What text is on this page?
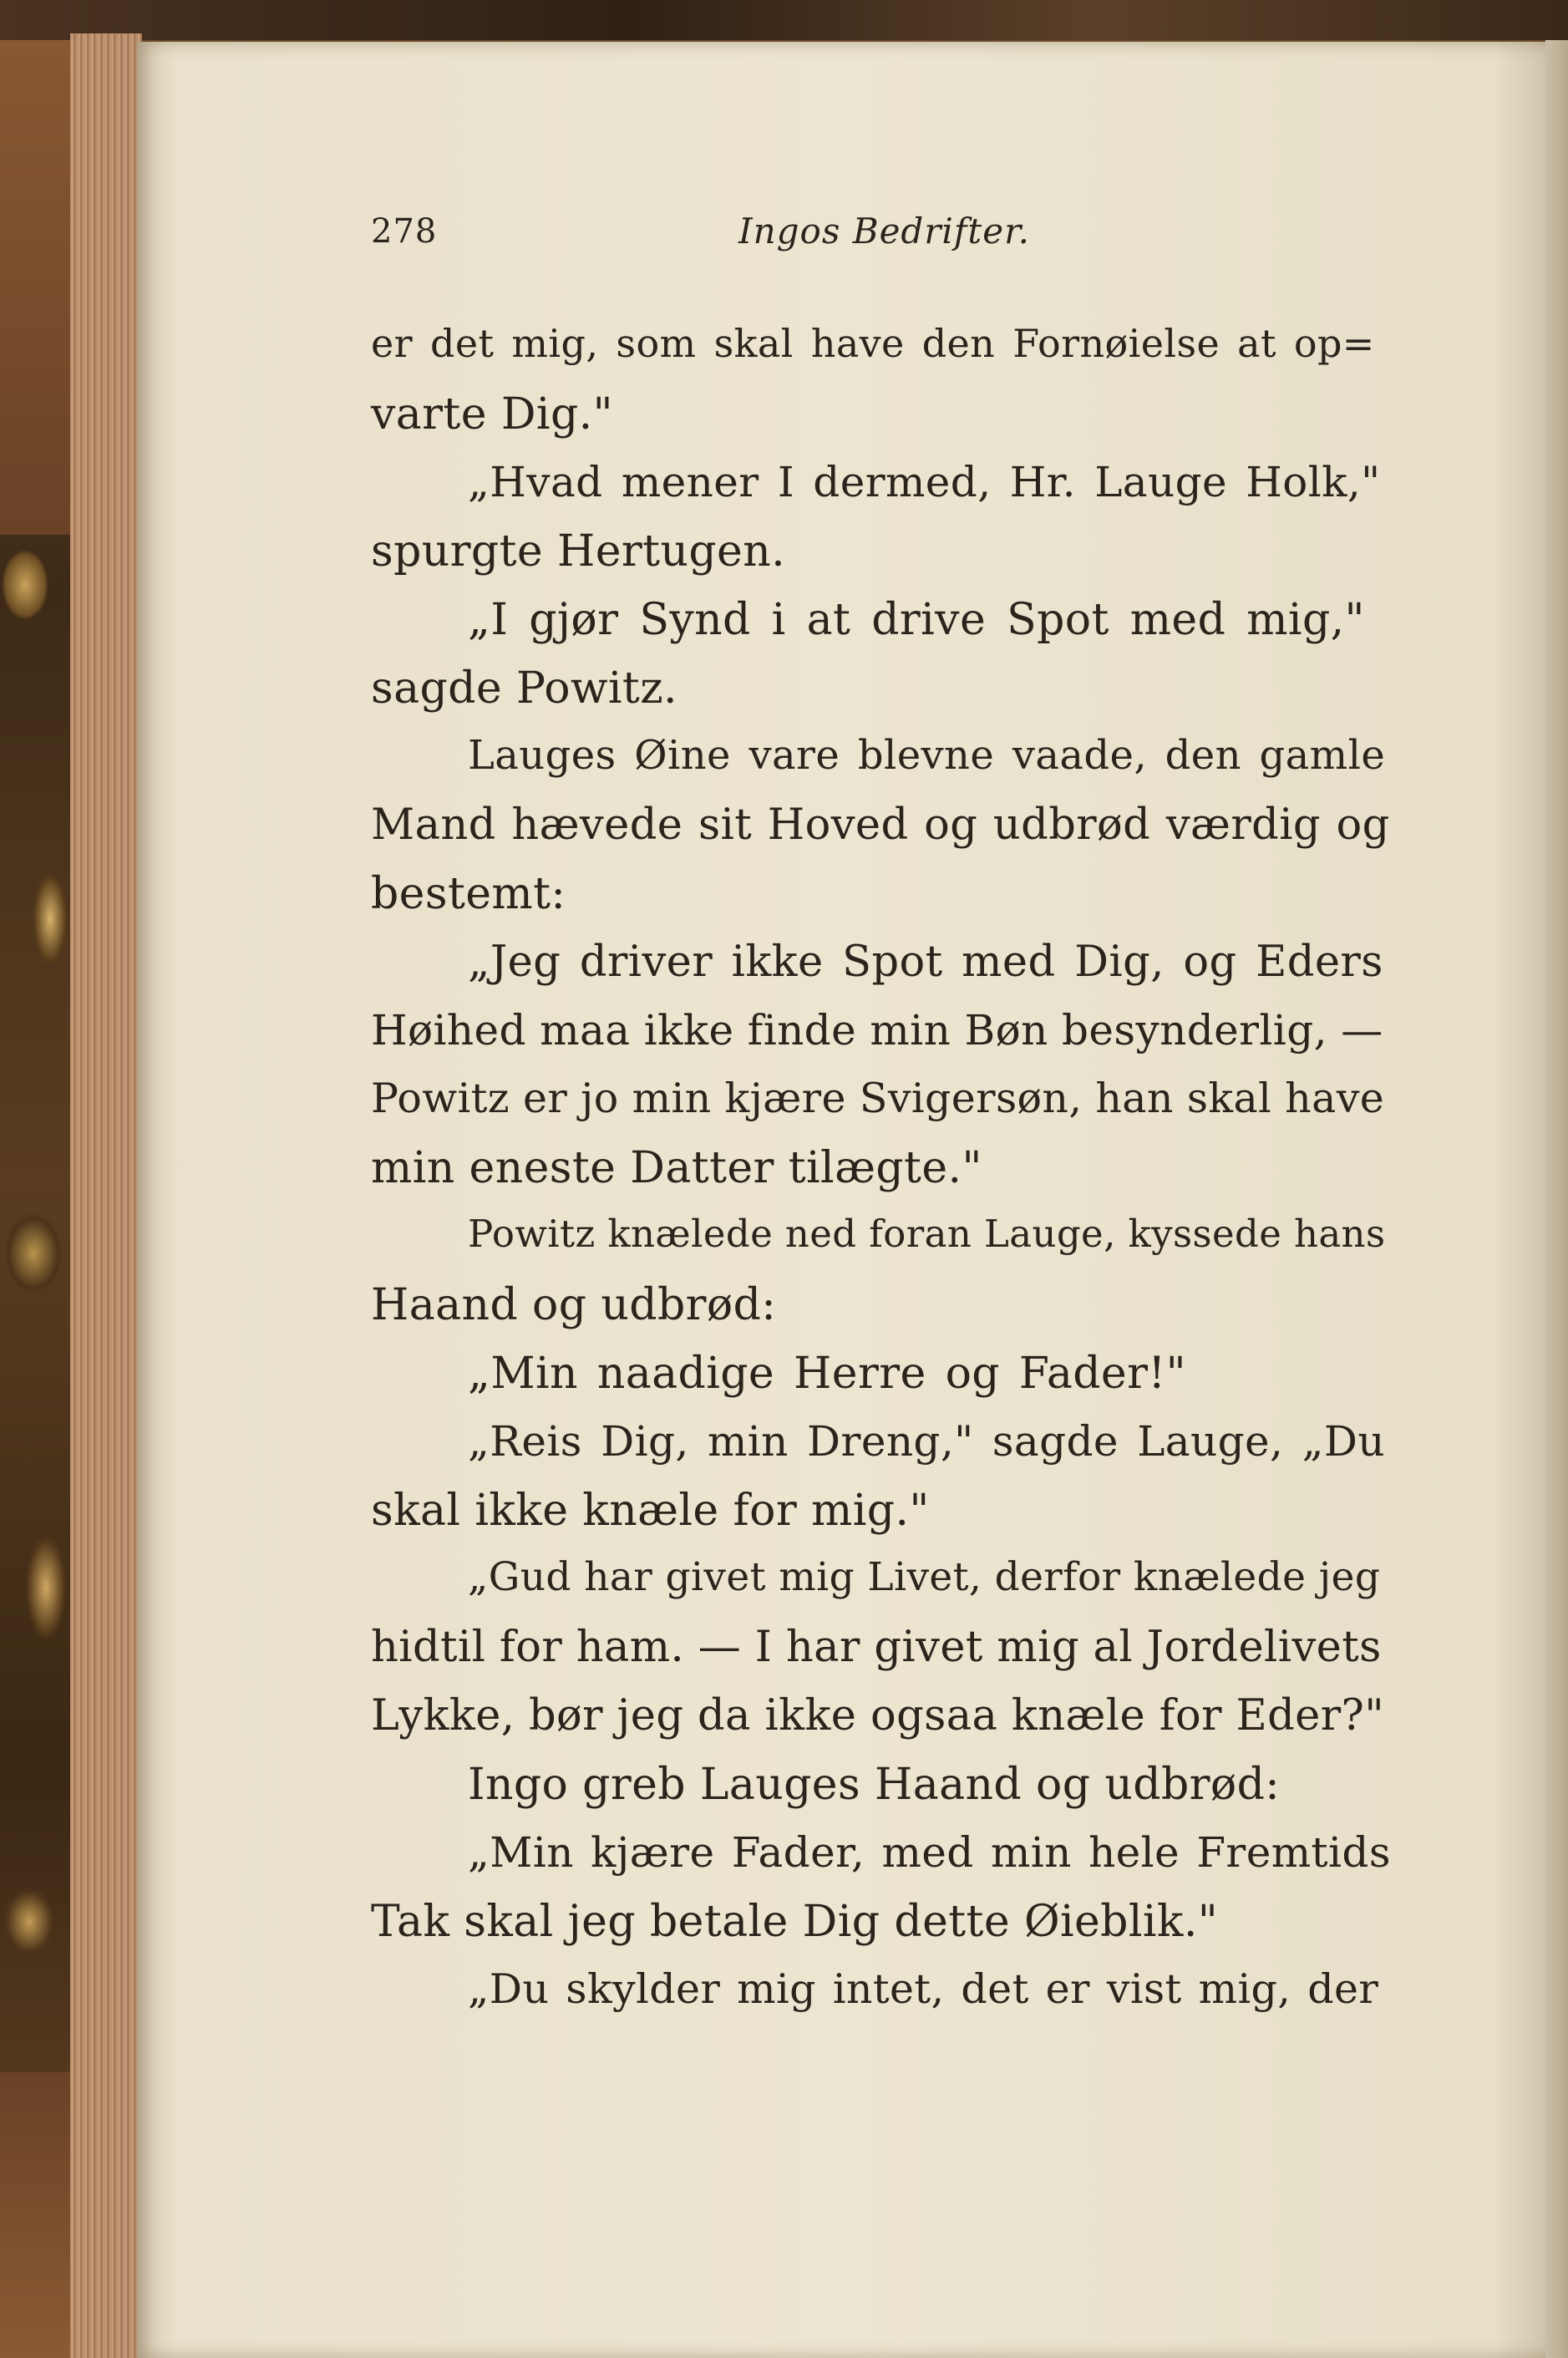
278	Ingos Bedrifter.
er det mig, som skal have den Fornøielse at op=
varte Dig."
„Hvad mener I dermed, Hr. Lauge Holk,"
spurgte Hertugen.
„I gjør Synd i at drive Spot med mig,"
sagde Powitz.
Lauges Øine vare blevne vaade, den gamle
Mand hævede sit Hoved og udbrød værdig og
bestemt:
„Jeg driver ikke Spot med Dig, og Eders
Høihed maa ikke finde min Bøn besynderlig, —
Powitz er jo min kjære Svigersøn, han skal have
min eneste Datter tilægte."
Powitz knælede ned foran Lauge, kyssede hans
Haand og udbrød:
„Min naadige Herre og Fader!"
„Reis Dig, min Dreng," sagde Lauge, „Du
skal ikke knæle for mig."
„Gud har givet mig Livet, derfor knælede jeg
hidtil for ham. — I har givet mig al Jordelivets
Lykke, bør jeg da ikke ogsaa knæle for Eder?"
Ingo greb Lauges Haand og udbrød:
„Min kjære Fader, med min hele Fremtids
Tak skal jeg betale Dig dette Øieblik."
„Du skylder mig intet, det er vist mig, der
